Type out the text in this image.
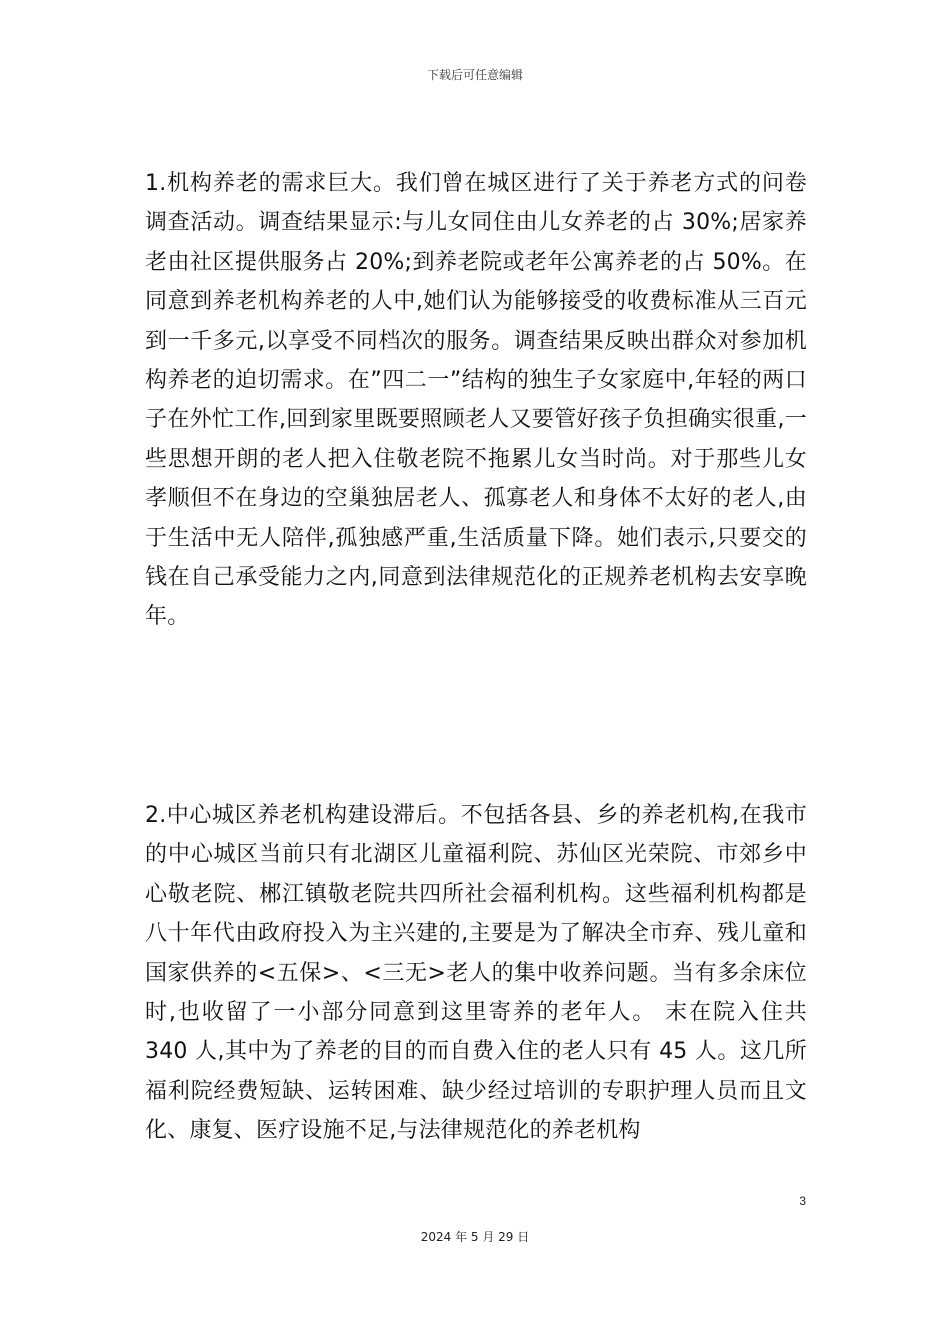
下载后可任意编辑

1.机构养老的需求巨大。我们曾在城区进行了关于养老方式的问卷调查活动。调查结果显示:与儿女同住由儿女养老的占 30%;居家养老由社区提供服务占 20%;到养老院或老年公寓养老的占 50%。在同意到养老机构养老的人中,她们认为能够接受的收费标准从三百元到一千多元,以享受不同档次的服务。调查结果反映出群众对参加机构养老的迫切需求。在”四二一”结构的独生子女家庭中,年轻的两口子在外忙工作,回到家里既要照顾老人又要管好孩子负担确实很重,一些思想开朗的老人把入住敬老院不拖累儿女当时尚。对于那些儿女孝顺但不在身边的空巢独居老人、孤寡老人和身体不太好的老人,由于生活中无人陪伴,孤独感严重,生活质量下降。她们表示,只要交的钱在自己承受能力之内,同意到法律规范化的正规养老机构去安享晚年。

2.中心城区养老机构建设滞后。不包括各县、乡的养老机构,在我市的中心城区当前只有北湖区儿童福利院、苏仙区光荣院、市郊乡中心敬老院、郴江镇敬老院共四所社会福利机构。这些福利机构都是八十年代由政府投入为主兴建的,主要是为了解决全市弃、残儿童和国家供养的<五保>、<三无>老人的集中收养问题。当有多余床位时,也收留了一小部分同意到这里寄养的老年人。 末在院入住共 340 人,其中为了养老的目的而自费入住的老人只有 45 人。这几所福利院经费短缺、运转困难、缺少经过培训的专职护理人员而且文化、康复、医疗设施不足,与法律规范化的养老机构

3
2024 年 5 月 29 日
